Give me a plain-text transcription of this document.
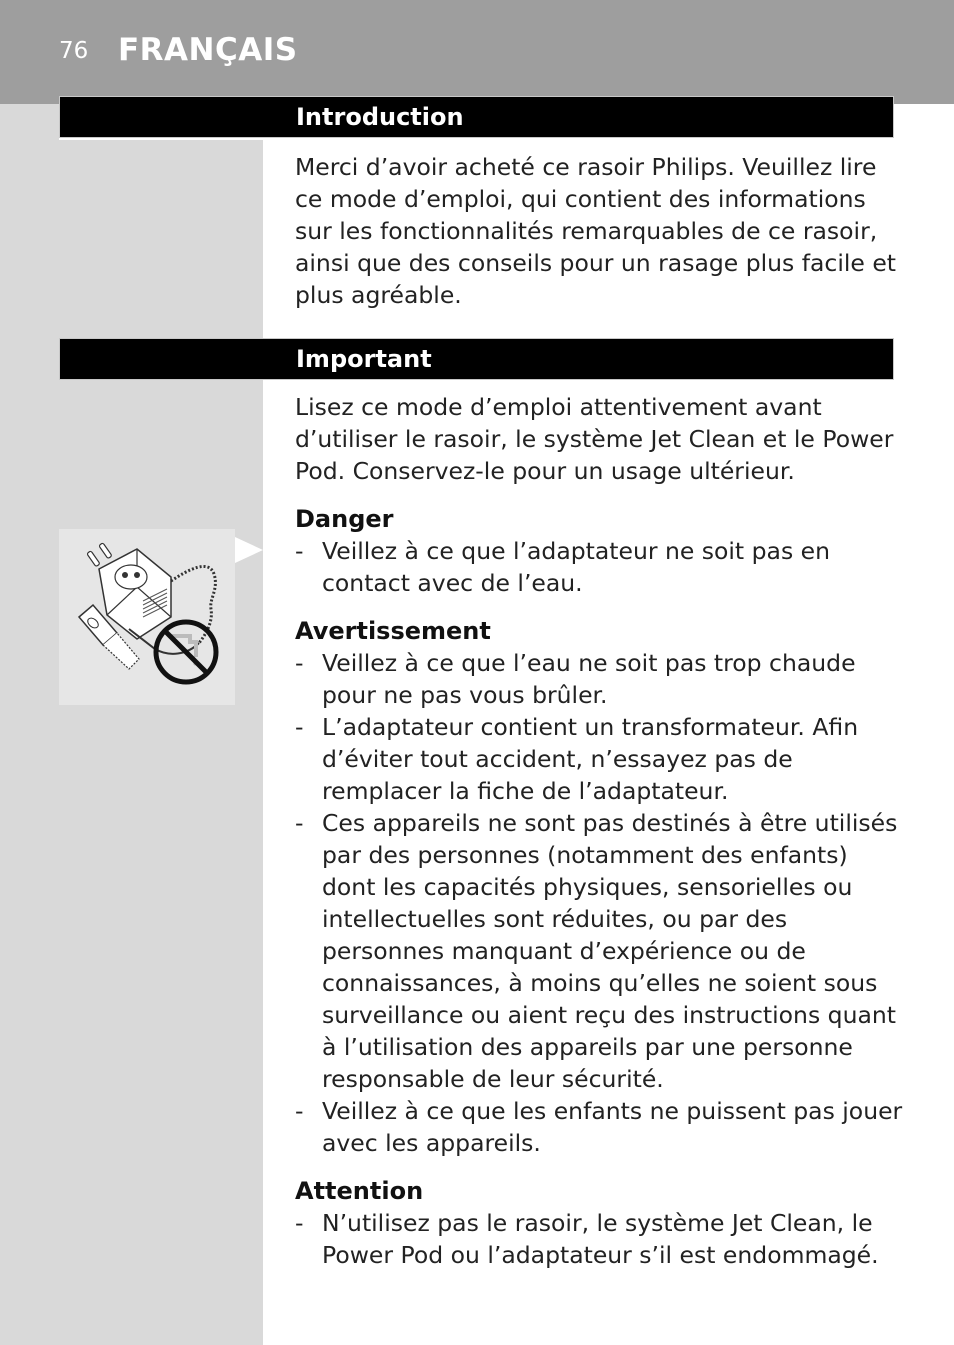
76 FRANÇAIS
Introduction

Merci d’avoir acheté ce rasoir Philips. Veuillez lire ce mode d’emploi, qui contient des informations sur les fonctionnalités remarquables de ce rasoir, ainsi que des conseils pour un rasage plus facile et plus agréable.

Important

Lisez ce mode d’emploi attentivement avant d’utiliser le rasoir, le système Jet Clean et le Power Pod. Conservez-le pour un usage ultérieur.

Danger

- Veillez à ce que l’adaptateur ne soit pas en contact avec de l’eau.

Avertissement

- Veillez à ce que l’eau ne soit pas trop chaude pour ne pas vous brûler.

- L’adaptateur contient un transformateur. Afin d’éviter tout accident, n’essayez pas de remplacer la fiche de l’adaptateur.

- Ces appareils ne sont pas destinés à être utilisés par des personnes (notamment des enfants) dont les capacités physiques, sensorielles ou intellectuelles sont réduites, ou par des personnes manquant d’expérience ou de connaissances, à moins qu’elles ne soient sous surveillance ou aient reçu des instructions quant à l’utilisation des appareils par une personne responsable de leur sécurité.

- Veillez à ce que les enfants ne puissent pas jouer avec les appareils.

Attention

- N’utilisez pas le rasoir, le système Jet Clean, le Power Pod ou l’adaptateur s’il est endommagé.
